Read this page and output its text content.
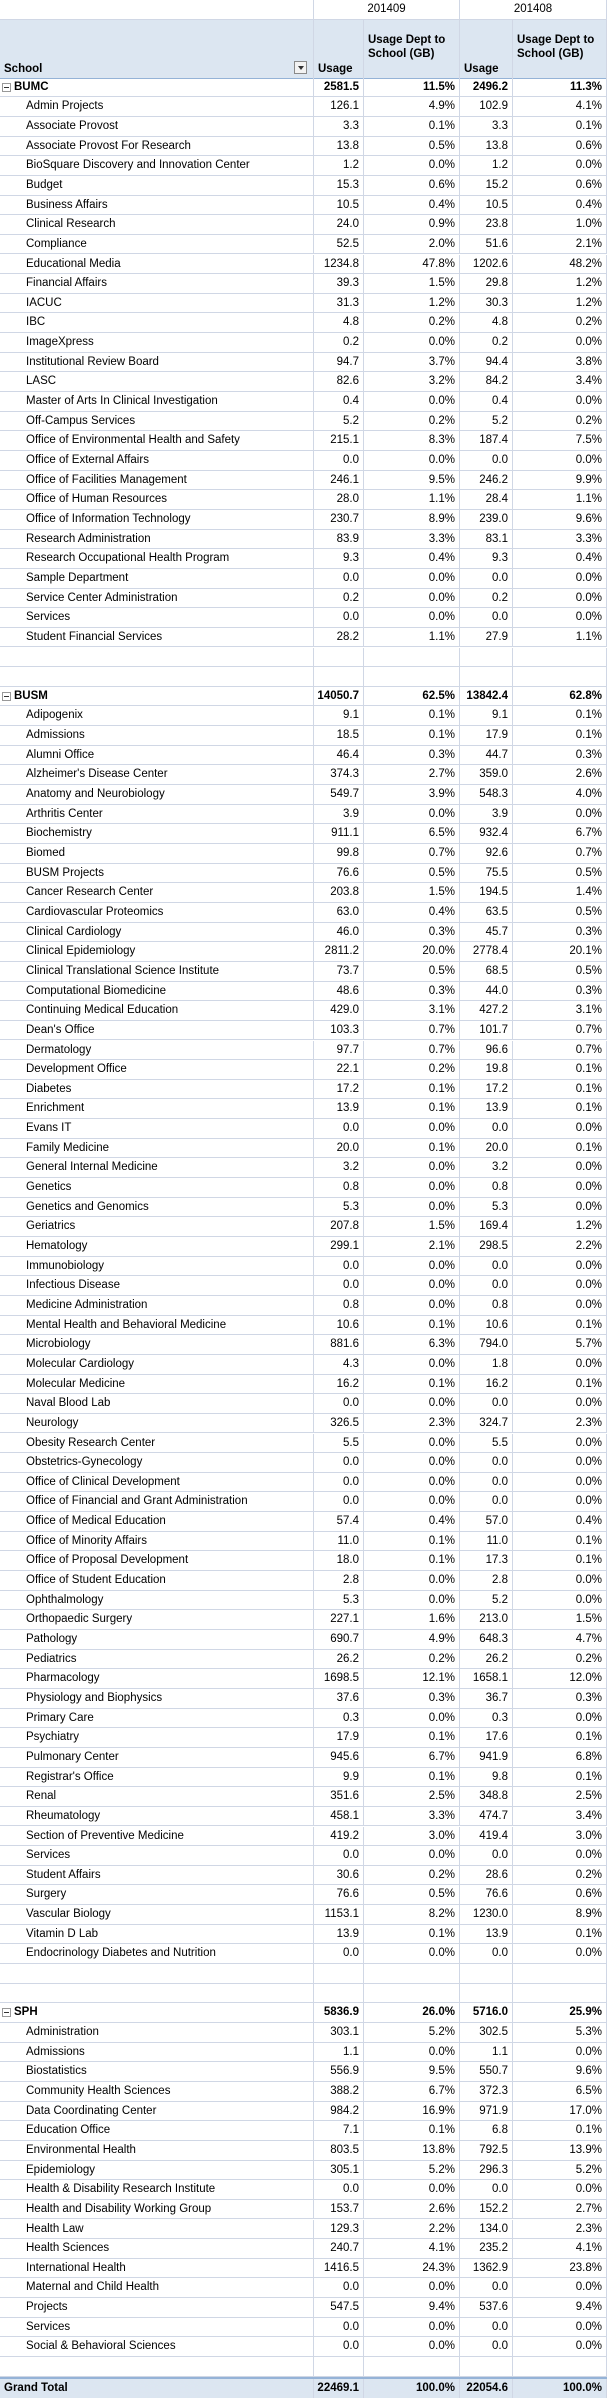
201409	201408
School	Usage
Usage Dept to School (GB)
Usage
Usage Dept to School (GB)
BUMC	2581.5	11.5%	2496.2	11.3%
Admin Projects	126.1	4.9%	102.9	4.1%
Associate Provost	3.3	0.1%	3.3	0.1%
Associate Provost For Research	13.8	0.5%	13.8	0.6%
BioSquare Discovery and Innovation Center	1.2	0.0%	1.2	0.0%
Budget	15.3	0.6%	15.2	0.6%
Business Affairs	10.5	0.4%	10.5	0.4%
Clinical Research	24.0	0.9%	23.8	1.0%
Compliance	52.5	2.0%	51.6	2.1%
Educational Media	1234.8	47.8%	1202.6	48.2%
Financial Affairs	39.3	1.5%	29.8	1.2%
IACUC	31.3	1.2%	30.3	1.2%
IBC	4.8	0.2%	4.8	0.2%
ImageXpress	0.2	0.0%	0.2	0.0%
Institutional Review Board	94.7	3.7%	94.4	3.8%
LASC	82.6	3.2%	84.2	3.4%
Master of Arts In Clinical Investigation	0.4	0.0%	0.4	0.0%
Off-Campus Services	5.2	0.2%	5.2	0.2%
Office of Environmental Health and Safety	215.1	8.3%	187.4	7.5%
Office of External Affairs	0.0	0.0%	0.0	0.0%
Office of Facilities Management	246.1	9.5%	246.2	9.9%
Office of Human Resources	28.0	1.1%	28.4	1.1%
Office of Information Technology	230.7	8.9%	239.0	9.6%
Research Administration	83.9	3.3%	83.1	3.3%
Research Occupational Health Program	9.3	0.4%	9.3	0.4%
Sample Department	0.0	0.0%	0.0	0.0%
Service Center Administration	0.2	0.0%	0.2	0.0%
Services	0.0	0.0%	0.0	0.0%
Student Financial Services	28.2	1.1%	27.9	1.1%
BUSM	14050.7	62.5% 13842.4	62.8%
Adipogenix	9.1	0.1%	9.1	0.1%
Admissions	18.5	0.1%	17.9	0.1%
Alumni Office	46.4	0.3%	44.7	0.3%
Alzheimer's Disease Center	374.3	2.7%	359.0	2.6%
Anatomy and Neurobiology	549.7	3.9%	548.3	4.0%
Arthritis Center	3.9	0.0%	3.9	0.0%
Biochemistry	911.1	6.5%	932.4	6.7%
Biomed	99.8	0.7%	92.6	0.7%
BUSM Projects	76.6	0.5%	75.5	0.5%
Cancer Research Center	203.8	1.5%	194.5	1.4%
Cardiovascular Proteomics	63.0	0.4%	63.5	0.5%
Clinical Cardiology	46.0	0.3%	45.7	0.3%
Clinical Epidemiology	2811.2	20.0%	2778.4	20.1%
Clinical Translational Science Institute	73.7	0.5%	68.5	0.5%
Computational Biomedicine	48.6	0.3%	44.0	0.3%
Continuing Medical Education	429.0	3.1%	427.2	3.1%
Dean's Office	103.3	0.7%	101.7	0.7%
Dermatology	97.7	0.7%	96.6	0.7%
Development Office	22.1	0.2%	19.8	0.1%
Diabetes	17.2	0.1%	17.2	0.1%
Enrichment	13.9	0.1%	13.9	0.1%
Evans IT	0.0	0.0%	0.0	0.0%
Family Medicine	20.0	0.1%	20.0	0.1%
General Internal Medicine	3.2	0.0%	3.2	0.0%
Genetics	0.8	0.0%	0.8	0.0%
Genetics and Genomics	5.3	0.0%	5.3	0.0%
Geriatrics	207.8	1.5%	169.4	1.2%
Hematology	299.1	2.1%	298.5	2.2%
Immunobiology	0.0	0.0%	0.0	0.0%
Infectious Disease	0.0	0.0%	0.0	0.0%
Medicine Administration	0.8	0.0%	0.8	0.0%
Mental Health and Behavioral Medicine	10.6	0.1%	10.6	0.1%
Microbiology	881.6	6.3%	794.0	5.7%
Molecular Cardiology	4.3	0.0%	1.8	0.0%
Molecular Medicine	16.2	0.1%	16.2	0.1%
Naval Blood Lab	0.0	0.0%	0.0	0.0%
Neurology	326.5	2.3%	324.7	2.3%
Obesity Research Center	5.5	0.0%	5.5	0.0%
Obstetrics-Gynecology	0.0	0.0%	0.0	0.0%
Office of Clinical Development	0.0	0.0%	0.0	0.0%
Office of Financial and Grant Administration	0.0	0.0%	0.0	0.0%
Office of Medical Education	57.4	0.4%	57.0	0.4%
Office of Minority Affairs	11.0	0.1%	11.0	0.1%
Office of Proposal Development	18.0	0.1%	17.3	0.1%
Office of Student Education	2.8	0.0%	2.8	0.0%
Ophthalmology	5.3	0.0%	5.2	0.0%
Orthopaedic Surgery	227.1	1.6%	213.0	1.5%
Pathology	690.7	4.9%	648.3	4.7%
Pediatrics	26.2	0.2%	26.2	0.2%
Pharmacology	1698.5	12.1%	1658.1	12.0%
Physiology and Biophysics	37.6	0.3%	36.7	0.3%
Primary Care	0.3	0.0%	0.3	0.0%
Psychiatry	17.9	0.1%	17.6	0.1%
Pulmonary Center	945.6	6.7%	941.9	6.8%
Registrar's Office	9.9	0.1%	9.8	0.1%
Renal	351.6	2.5%	348.8	2.5%
Rheumatology	458.1	3.3%	474.7	3.4%
Section of Preventive Medicine	419.2	3.0%	419.4	3.0%
Services	0.0	0.0%	0.0	0.0%
Student Affairs	30.6	0.2%	28.6	0.2%
Surgery	76.6	0.5%	76.6	0.6%
Vascular Biology	1153.1	8.2%	1230.0	8.9%
Vitamin D Lab	13.9	0.1%	13.9	0.1%
Endocrinology Diabetes and Nutrition	0.0	0.0%	0.0	0.0%
SPH	5836.9	26.0%	5716.0	25.9%
Administration	303.1	5.2%	302.5	5.3%
Admissions	1.1	0.0%	1.1	0.0%
Biostatistics	556.9	9.5%	550.7	9.6%
Community Health Sciences	388.2	6.7%	372.3	6.5%
Data Coordinating Center	984.2	16.9%	971.9	17.0%
Education Office	7.1	0.1%	6.8	0.1%
Environmental Health	803.5	13.8%	792.5	13.9%
Epidemiology	305.1	5.2%	296.3	5.2%
Health & Disability Research Institute	0.0	0.0%	0.0	0.0%
Health and Disability Working Group	153.7	2.6%	152.2	2.7%
Health Law	129.3	2.2%	134.0	2.3%
Health Sciences	240.7	4.1%	235.2	4.1%
International Health	1416.5	24.3%	1362.9	23.8%
Maternal and Child Health	0.0	0.0%	0.0	0.0%
Projects	547.5	9.4%	537.6	9.4%
Services	0.0	0.0%	0.0	0.0%
Social & Behavioral Sciences	0.0	0.0%	0.0	0.0%
Grand Total	22469.1	100.0% 22054.6	100.0%
